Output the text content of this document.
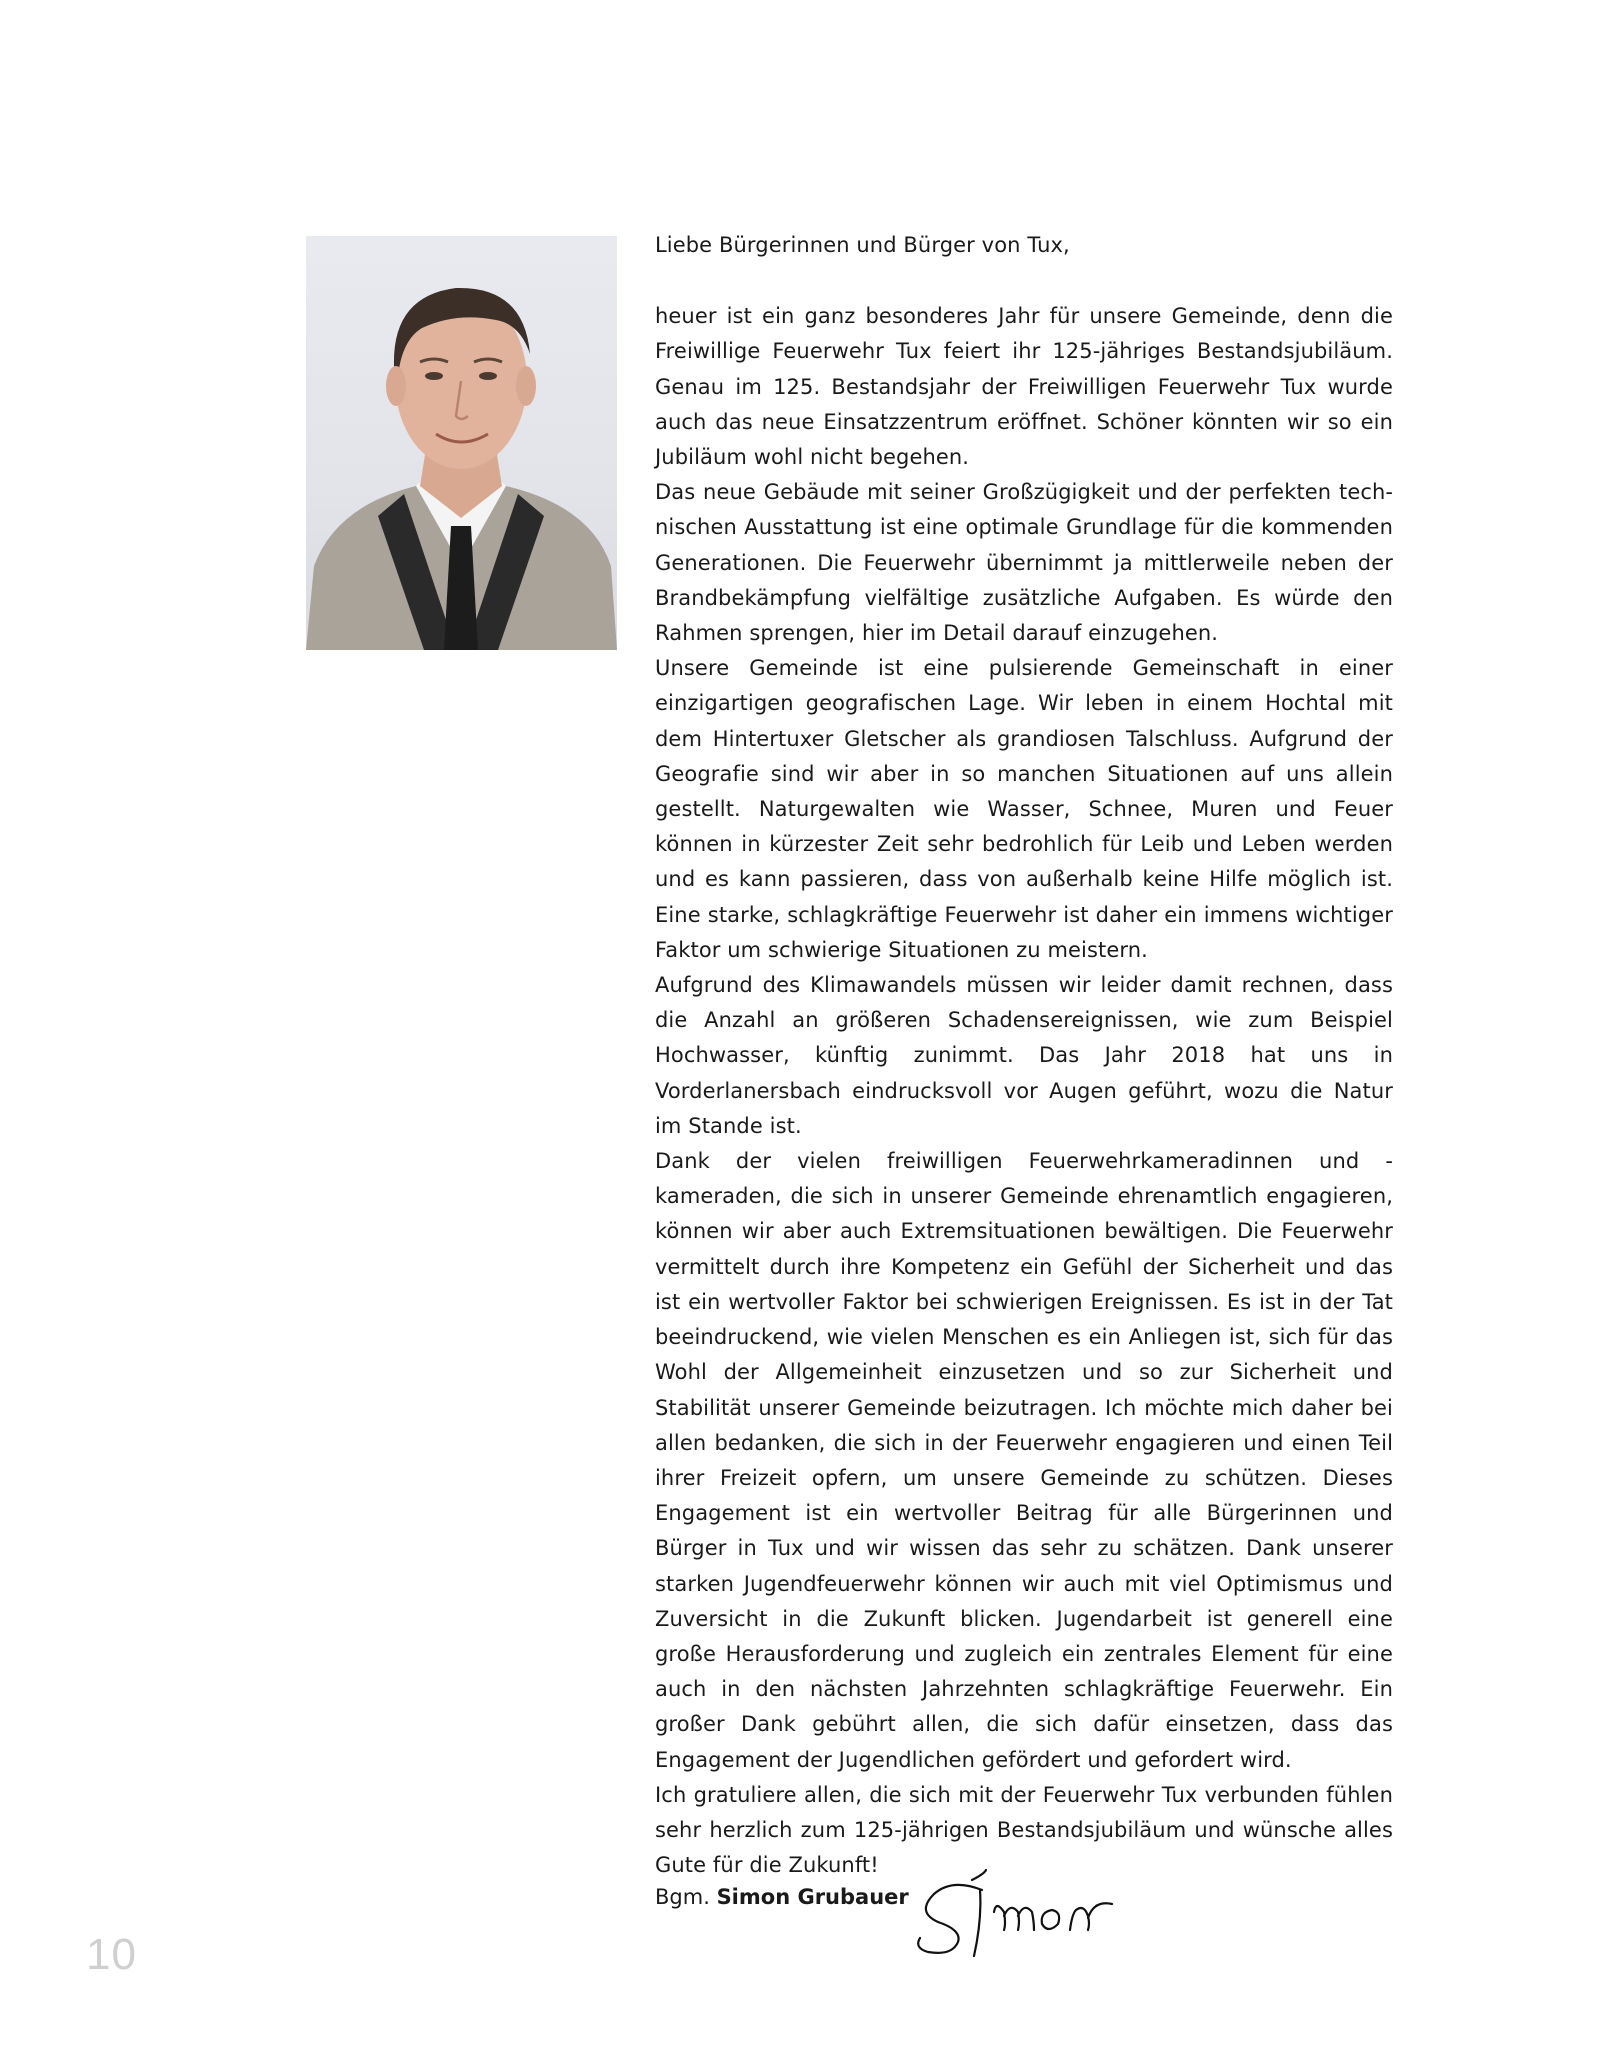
Liebe Bürgerinnen und Bürger von Tux,

heuer ist ein ganz besonderes Jahr für unsere Gemeinde, denn die Freiwillige Feuerwehr Tux feiert ihr 125-jähriges Bestandsjubiläum. Genau im 125. Bestandsjahr der Freiwilligen Feuerwehr Tux wurde auch das neue Einsatzzentrum eröffnet. Schöner könnten wir so ein Jubiläum wohl nicht begehen.

Das neue Gebäude mit seiner Großzügigkeit und der perfekten technischen Ausstattung ist eine optimale Grundlage für die kommenden Generationen. Die Feuerwehr übernimmt ja mittlerweile neben der Brandbekämpfung vielfältige zusätzliche Aufgaben. Es würde den Rahmen sprengen, hier im Detail darauf einzugehen.

Unsere Gemeinde ist eine pulsierende Gemeinschaft in einer einzigartigen geografischen Lage. Wir leben in einem Hochtal mit dem Hintertuxer Gletscher als grandiosen Talschluss. Aufgrund der Geografie sind wir aber in so manchen Situationen auf uns allein gestellt. Naturgewalten wie Wasser, Schnee, Muren und Feuer können in kürzester Zeit sehr bedrohlich für Leib und Leben werden und es kann passieren, dass von außerhalb keine Hilfe möglich ist. Eine starke, schlagkräftige Feuerwehr ist daher ein immens wichtiger Faktor um schwierige Situationen zu meistern.

Aufgrund des Klimawandels müssen wir leider damit rechnen, dass die Anzahl an größeren Schadensereignissen, wie zum Beispiel Hochwasser, künftig zunimmt. Das Jahr 2018 hat uns in Vorderlanersbach eindrucksvoll vor Augen geführt, wozu die Natur im Stande ist.

Dank der vielen freiwilligen Feuerwehrkameradinnen und -kameraden, die sich in unserer Gemeinde ehrenamtlich engagieren, können wir aber auch Extremsituationen bewältigen. Die Feuerwehr vermittelt durch ihre Kompetenz ein Gefühl der Sicherheit und das ist ein wertvoller Faktor bei schwierigen Ereignissen. Es ist in der Tat beeindruckend, wie vielen Menschen es ein Anliegen ist, sich für das Wohl der Allgemeinheit einzusetzen und so zur Sicherheit und Stabilität unserer Gemeinde beizutragen. Ich möchte mich daher bei allen bedanken, die sich in der Feuerwehr engagieren und einen Teil ihrer Freizeit opfern, um unsere Gemeinde zu schützen. Dieses Engagement ist ein wertvoller Beitrag für alle Bürgerinnen und Bürger in Tux und wir wissen das sehr zu schätzen. Dank unserer starken Jugendfeuerwehr können wir auch mit viel Optimismus und Zuversicht in die Zukunft blicken. Jugendarbeit ist generell eine große Herausforderung und zugleich ein zentrales Element für eine auch in den nächsten Jahrzehnten schlagkräftige Feuerwehr. Ein großer Dank gebührt allen, die sich dafür einsetzen, dass das Engagement der Jugendlichen gefördert und gefordert wird.

Ich gratuliere allen, die sich mit der Feuerwehr Tux verbunden fühlen sehr herzlich zum 125-jährigen Bestandsjubiläum und wünsche alles Gute für die Zukunft!

Bgm. Simon Grubauer
10
